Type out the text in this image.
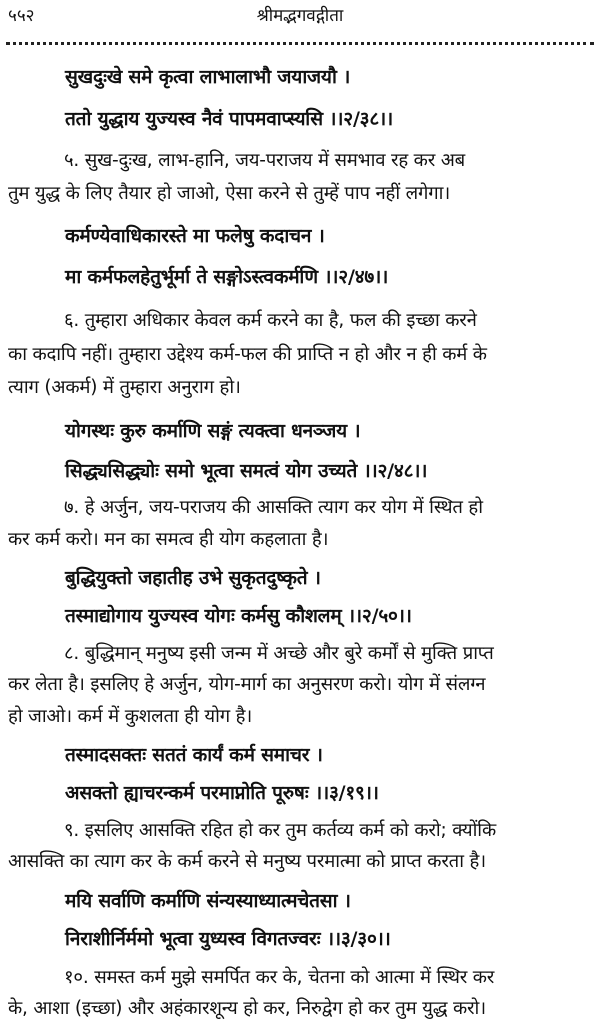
५५२	श्रीमद्भगवद्गीता
सुखदुःखे समे कृत्वा लाभालाभौ जयाजयौ ।
ततो युद्धाय युज्यस्व नैवं पापमवाप्स्यसि ।।२/३८।।
५. सुख-दुःख, लाभ-हानि, जय-पराजय में समभाव रह कर अब
तुम युद्ध के लिए तैयार हो जाओ, ऐसा करने से तुम्हें पाप नहीं लगेगा।
कर्मण्येवाधिकारस्ते मा फलेषु कदाचन ।
मा कर्मफलहेतुर्भूर्मा ते सङ्गोऽस्त्वकर्मणि ।।२/४७।।
६. तुम्हारा अधिकार केवल कर्म करने का है, फल की इच्छा करने
का कदापि नहीं। तुम्हारा उद्देश्य कर्म-फल की प्राप्ति न हो और न ही कर्म के
त्याग (अकर्म) में तुम्हारा अनुराग हो।
योगस्थः कुरु कर्माणि सङ्गं त्यक्त्वा धनञ्जय ।
सिद्ध्यसिद्ध्योः समो भूत्वा समत्वं योग उच्यते ।।२/४८।।
७. हे अर्जुन, जय-पराजय की आसक्ति त्याग कर योग में स्थित हो
कर कर्म करो। मन का समत्व ही योग कहलाता है।
बुद्धियुक्तो जहातीह उभे सुकृतदुष्कृते ।
तस्माद्योगाय युज्यस्व योगः कर्मसु कौशलम् ।।२/५०।।
८. बुद्धिमान् मनुष्य इसी जन्म में अच्छे और बुरे कर्मों से मुक्ति प्राप्त
कर लेता है। इसलिए हे अर्जुन, योग-मार्ग का अनुसरण करो। योग में संलग्न
हो जाओ। कर्म में कुशलता ही योग है।
तस्मादसक्तः सततं कार्यं कर्म समाचर ।
असक्तो ह्याचरन्कर्म परमाप्नोति पूरुषः ।।३/१९।।
९. इसलिए आसक्ति रहित हो कर तुम कर्तव्य कर्म को करो; क्योंकि
आसक्ति का त्याग कर के कर्म करने से मनुष्य परमात्मा को प्राप्त करता है।
मयि सर्वाणि कर्माणि संन्यस्याध्यात्मचेतसा ।
निराशीर्निर्ममो भूत्वा युध्यस्व विगतज्वरः ।।३/३०।।
१०. समस्त कर्म मुझे समर्पित कर के, चेतना को आत्मा में स्थिर कर
के, आशा (इच्छा) और अहंकारशून्य हो कर, निरुद्वेग हो कर तुम युद्ध करो।
